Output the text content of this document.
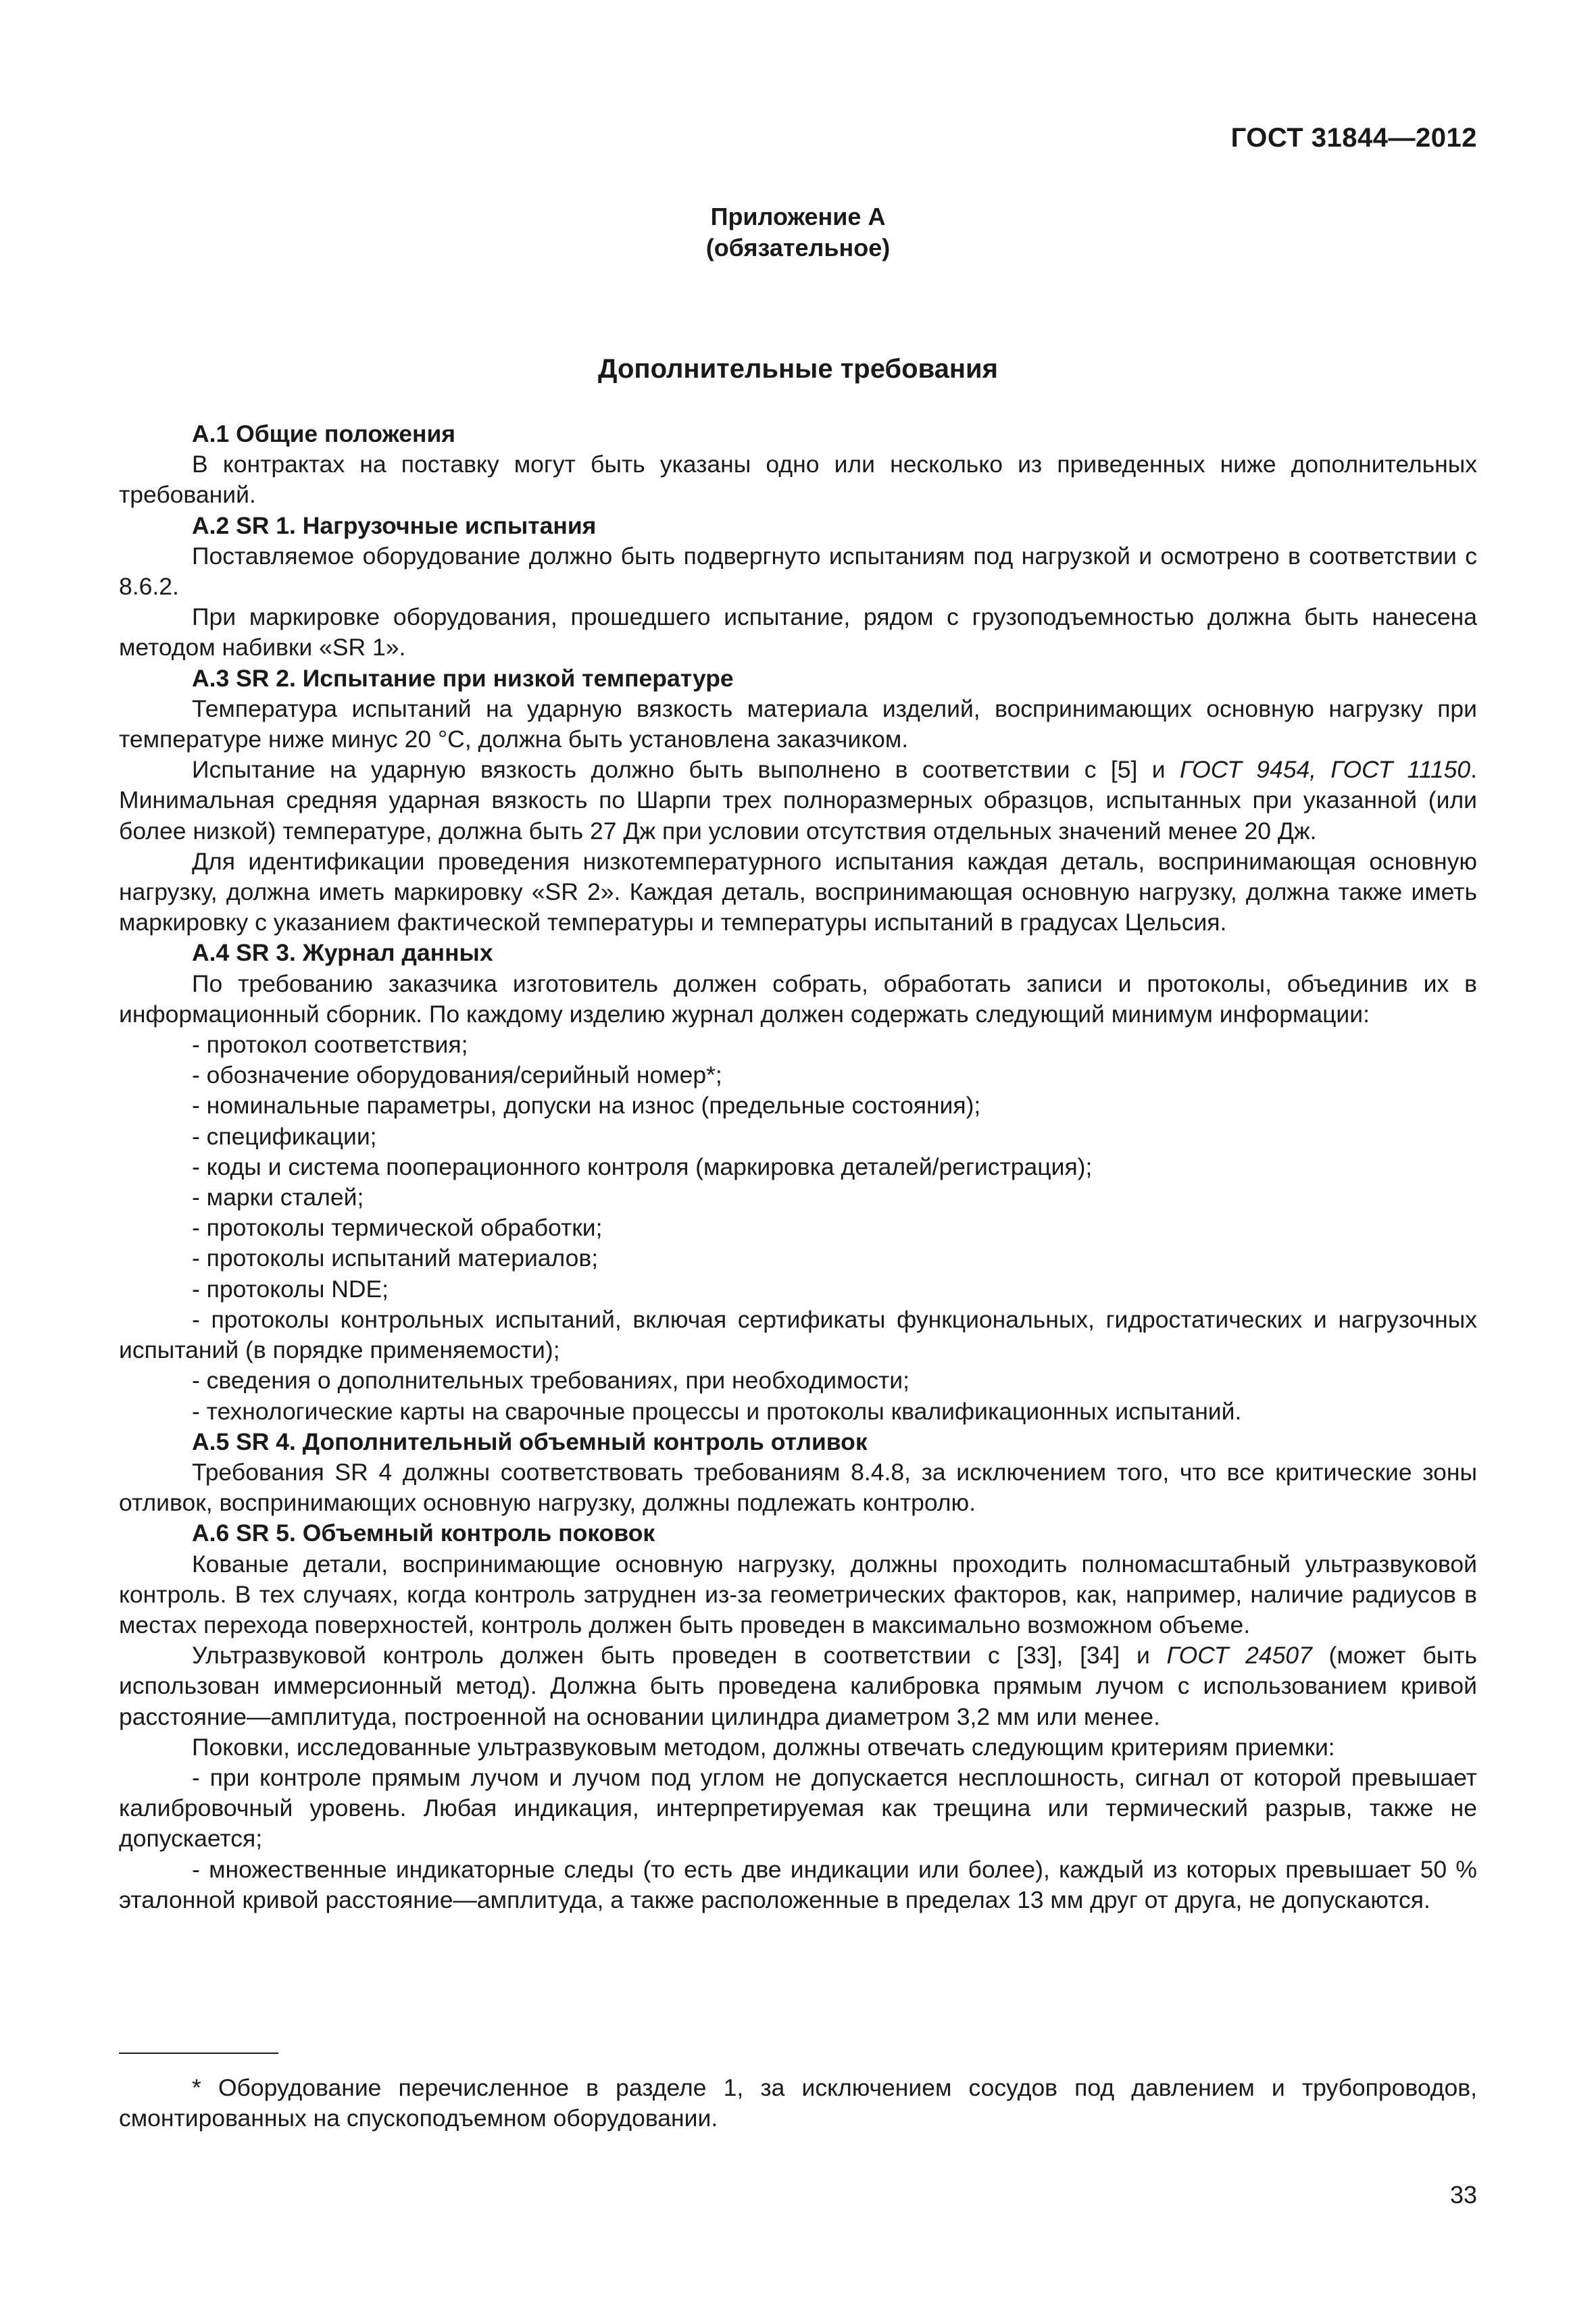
ГОСТ 31844—2012
Приложение А
(обязательное)
Дополнительные требования

А.1 Общие положения

В контрактах на поставку могут быть указаны одно или несколько из приведенных ниже дополнительных требований.

А.2 SR 1. Нагрузочные испытания

Поставляемое оборудование должно быть подвергнуто испытаниям под нагрузкой и осмотрено в соответствии с 8.6.2.

При маркировке оборудования, прошедшего испытание, рядом с грузоподъемностью должна быть нанесена методом набивки «SR 1».

А.3 SR 2. Испытание при низкой температуре

Температура испытаний на ударную вязкость материала изделий, воспринимающих основную нагрузку при температуре ниже минус 20 °С, должна быть установлена заказчиком.

Испытание на ударную вязкость должно быть выполнено в соответствии с [5] и ГОСТ 9454, ГОСТ 11150. Минимальная средняя ударная вязкость по Шарпи трех полноразмерных образцов, испытанных при указанной (или более низкой) температуре, должна быть 27 Дж при условии отсутствия отдельных значений менее 20 Дж.

Для идентификации проведения низкотемпературного испытания каждая деталь, воспринимающая основную нагрузку, должна иметь маркировку «SR 2». Каждая деталь, воспринимающая основную нагрузку, должна также иметь маркировку с указанием фактической температуры и температуры испытаний в градусах Цельсия.

А.4 SR 3. Журнал данных

По требованию заказчика изготовитель должен собрать, обработать записи и протоколы, объединив их в информационный сборник. По каждому изделию журнал должен содержать следующий минимум информации:

- протокол соответствия;

- обозначение оборудования/серийный номер*;

- номинальные параметры, допуски на износ (предельные состояния);

- спецификации;

- коды и система пооперационного контроля (маркировка деталей/регистрация);

- марки сталей;

- протоколы термической обработки;

- протоколы испытаний материалов;

- протоколы NDE;

- протоколы контрольных испытаний, включая сертификаты функциональных, гидростатических и нагрузочных испытаний (в порядке применяемости);

- сведения о дополнительных требованиях, при необходимости;

- технологические карты на сварочные процессы и протоколы квалификационных испытаний.

А.5 SR 4. Дополнительный объемный контроль отливок

Требования SR 4 должны соответствовать требованиям 8.4.8, за исключением того, что все критические зоны отливок, воспринимающих основную нагрузку, должны подлежать контролю.

А.6 SR 5. Объемный контроль поковок

Кованые детали, воспринимающие основную нагрузку, должны проходить полномасштабный ультразвуковой контроль. В тех случаях, когда контроль затруднен из-за геометрических факторов, как, например, наличие радиусов в местах перехода поверхностей, контроль должен быть проведен в максимально возможном объеме.

Ультразвуковой контроль должен быть проведен в соответствии с [33], [34] и ГОСТ 24507 (может быть использован иммерсионный метод). Должна быть проведена калибровка прямым лучом с использованием кривой расстояние—амплитуда, построенной на основании цилиндра диаметром 3,2 мм или менее.

Поковки, исследованные ультразвуковым методом, должны отвечать следующим критериям приемки:

- при контроле прямым лучом и лучом под углом не допускается несплошность, сигнал от которой превышает калибровочный уровень. Любая индикация, интерпретируемая как трещина или термический разрыв, также не допускается;

- множественные индикаторные следы (то есть две индикации или более), каждый из которых превышает 50 % эталонной кривой расстояние—амплитуда, а также расположенные в пределах 13 мм друг от друга, не допускаются.

* Оборудование перечисленное в разделе 1, за исключением сосудов под давлением и трубопроводов, смонтированных на спускоподъемном оборудовании.

33
